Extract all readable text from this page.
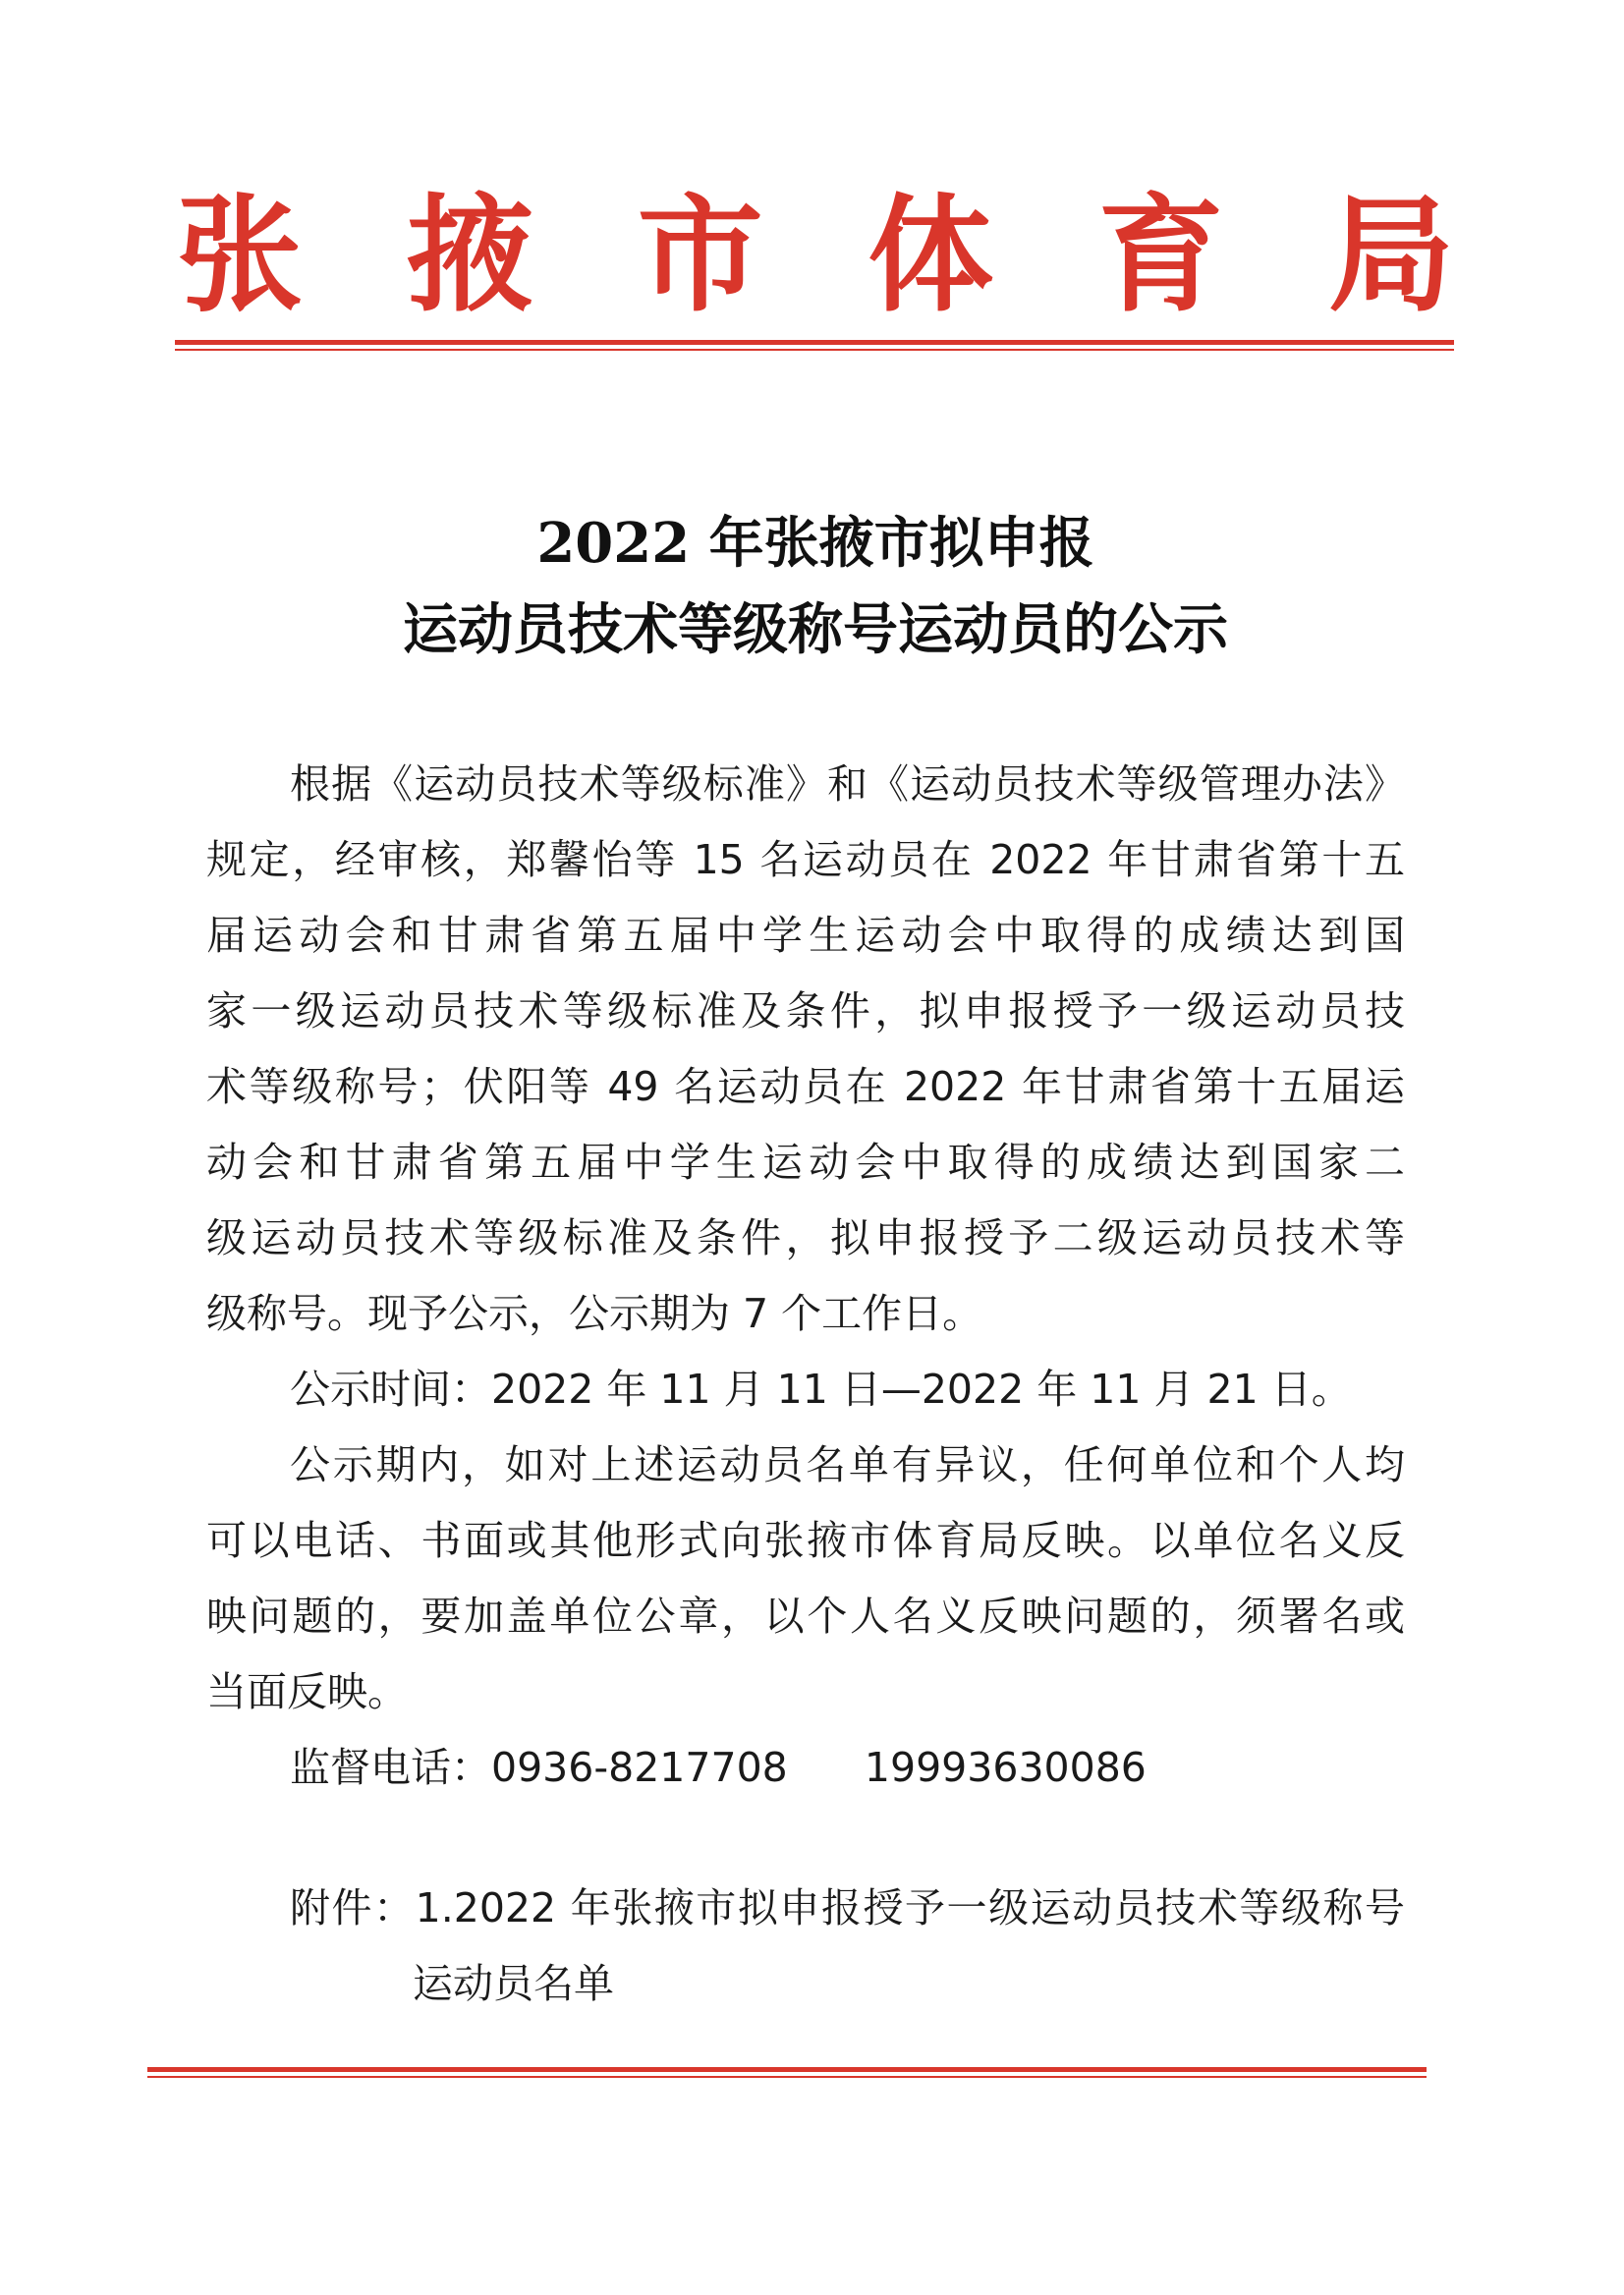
张 掖 市 体 育 局
2022 年张掖市拟申报
运动员技术等级称号运动员的公示
根据《运动员技术等级标准》和《运动员技术等级管理办法》
规定，经审核，郑馨怡等 15 名运动员在 2022 年甘肃省第十五
届运动会和甘肃省第五届中学生运动会中取得的成绩达到国
家一级运动员技术等级标准及条件，拟申报授予一级运动员技
术等级称号；伏阳等 49 名运动员在 2022 年甘肃省第十五届运
动会和甘肃省第五届中学生运动会中取得的成绩达到国家二
级运动员技术等级标准及条件，拟申报授予二级运动员技术等
级称号。现予公示，公示期为 7 个工作日。
公示时间：2022 年 11 月 11 日—2022 年 11 月 21 日。
公示期内，如对上述运动员名单有异议，任何单位和个人均
可以电话、书面或其他形式向张掖市体育局反映。以单位名义反
映问题的，要加盖单位公章，以个人名义反映问题的，须署名或
当面反映。
监督电话：0936-8217708      19993630086
附件：1.2022 年张掖市拟申报授予一级运动员技术等级称号
运动员名单
